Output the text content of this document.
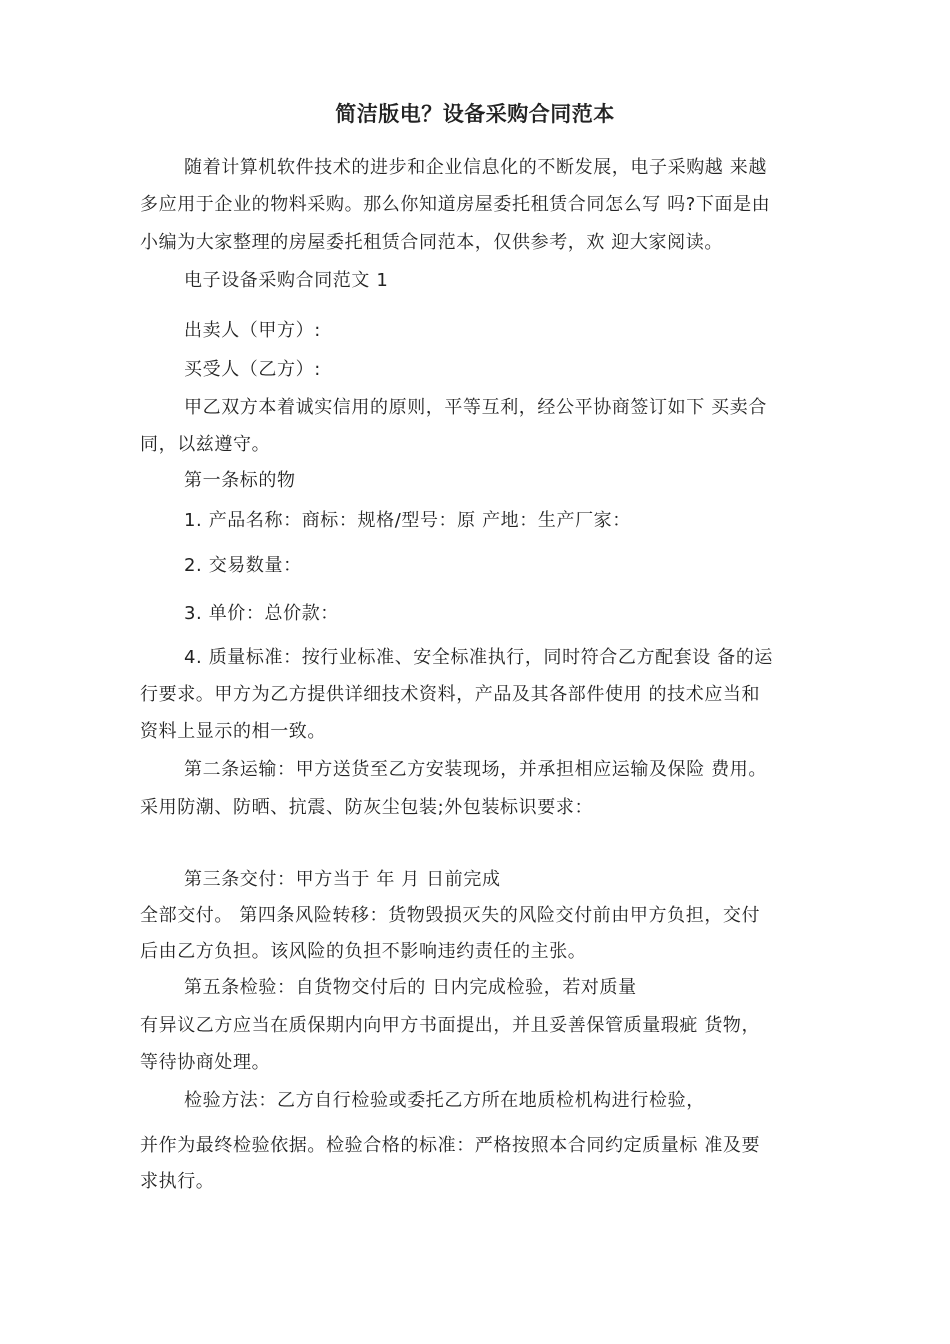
简洁版电？设备采购合同范本
随着计算机软件技术的进步和企业信息化的不断发展，电子采购越 来越
多应用于企业的物料采购。那么你知道房屋委托租赁合同怎么写 吗?下面是由
小编为大家整理的房屋委托租赁合同范本，仅供参考，欢 迎大家阅读。
电子设备采购合同范文 1
出卖人（甲方）:
买受人（乙方）:
甲乙双方本着诚实信用的原则，平等互利，经公平协商签订如下 买卖合
同，以兹遵守。
第一条标的物
1. 产品名称：商标：规格/型号：原 产地：生产厂家：
2. 交易数量：
3. 单价：总价款：
4. 质量标准：按行业标准、安全标准执行，同时符合乙方配套设 备的运
行要求。甲方为乙方提供详细技术资料，产品及其各部件使用 的技术应当和
资料上显示的相一致。
第二条运输：甲方送货至乙方安装现场，并承担相应运输及保险 费用。
采用防潮、防晒、抗震、防灰尘包装;外包装标识要求：
第三条交付：甲方当于 年 月 日前完成
全部交付。 第四条风险转移：货物毁损灭失的风险交付前由甲方负担，交付
后由乙方负担。该风险的负担不影响违约责任的主张。
第五条检验：自货物交付后的 日内完成检验，若对质量
有异议乙方应当在质保期内向甲方书面提出，并且妥善保管质量瑕疵 货物，
等待协商处理。
检验方法：乙方自行检验或委托乙方所在地质检机构进行检验，
并作为最终检验依据。检验合格的标准：严格按照本合同约定质量标 准及要
求执行。
